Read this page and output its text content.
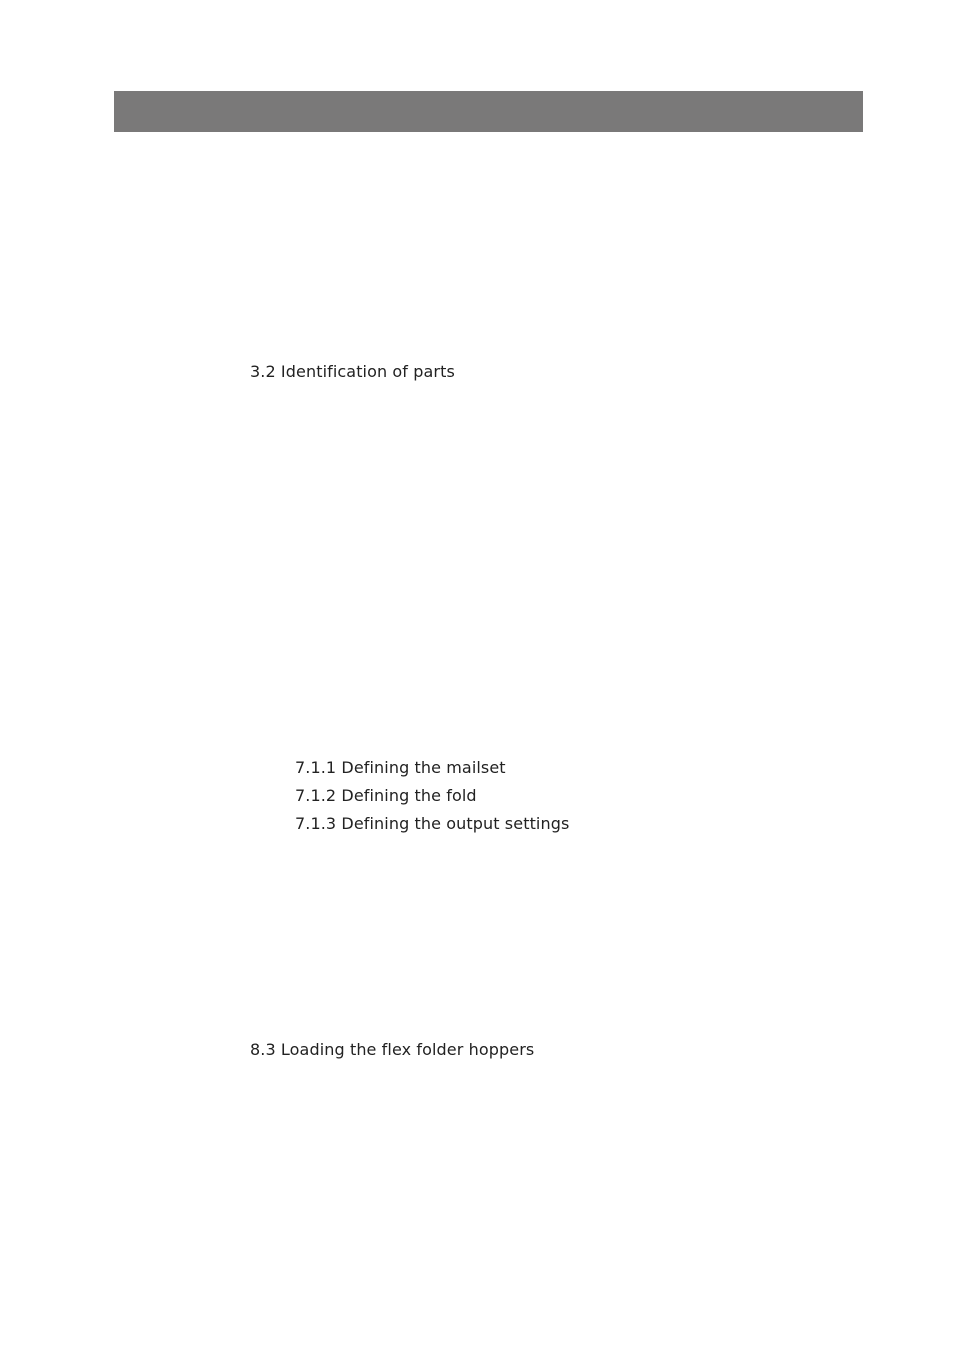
3.2 Identification of parts
7.1.1 Defining the mailset
7.1.2 Defining the fold
7.1.3 Defining the output settings
8.3 Loading the flex folder hoppers
